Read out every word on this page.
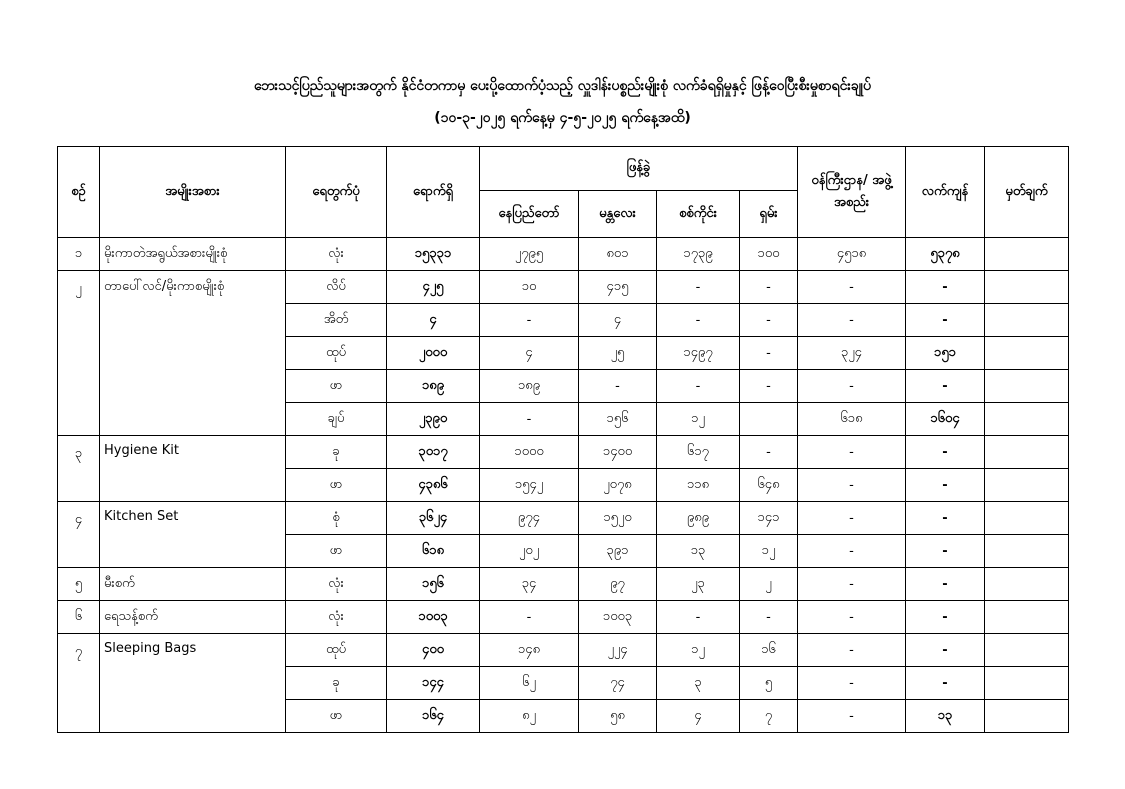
ဘေးသင့်ပြည်သူများအတွက် နိုင်ငံတကာမှ ပေးပို့ထောက်ပံ့သည့် လှူဒါန်းပစ္စည်းမျိုးစုံ လက်ခံရရှိမှုနှင့် ဖြန့်ဝေပြီးစီးမှုစာရင်းချုပ်
(၁၀-၃-၂၀၂၅ ရက်နေ့မှ ၄-၅-၂၀၂၅ ရက်နေ့အထိ)
စဉ်	အမျိုးအစား	ရေတွက်ပုံ	ရောက်ရှိ	ဖြန့်ခွဲ				ဝန်ကြီးဌာန/ အဖွဲ့အစည်း	လက်ကျန်	မှတ်ချက်
				နေပြည်တော်	မန္တလေး	စစ်ကိုင်း	ရှမ်း			
၁	မိုးကာတဲအရွယ်အစားမျိုးစုံ	လုံး	၁၅၃၃၁	၂၇၉၅	၈၀၁	၁၇၃၉	၁၀၀	၄၅၁၈	၅၃၇၈	
၂	တာပေါ်လင်/မိုးကာစမျိုးစုံ	လိပ်	၄၂၅	၁၀	၄၁၅	-	-	-	-	
		အိတ်	၄	-	၄	-	-	-	-	
		ထုပ်	၂၀၀၀	၄	၂၅	၁၄၉၇	-	၃၂၄	၁၅၁	
		ဖာ	၁၈၉	၁၈၉	-	-	-	-	-	
		ချပ်	၂၃၉၀	-	၁၅၆	၁၂		၆၁၈	၁၆၀၄	
၃	Hygiene Kit	ခု	၃၀၁၇	၁၀၀၀	၁၄၀၀	၆၁၇	-	-	-	
		ဖာ	၄၃၈၆	၁၅၄၂	၂၀၇၈	၁၁၈	၆၄၈	-	-	
၄	Kitchen Set	စုံ	၃၆၂၄	၉၇၄	၁၅၂၀	၉၈၉	၁၄၁	-	-	
		ဖာ	၆၁၈	၂၀၂	၃၉၁	၁၃	၁၂	-	-	
၅	မီးစက်	လုံး	၁၅၆	၃၄	၉၇	၂၃	၂	-	-	
၆	ရေသန့်စက်	လုံး	၁၀၀၃	-	၁၀၀၃	-	-	-	-	
၇	Sleeping Bags	ထုပ်	၄၀၀	၁၄၈	၂၂၄	၁၂	၁၆	-	-	
		ခု	၁၄၄	၆၂	၇၄	၃	၅	-	-	
		ဖာ	၁၆၄	၈၂	၅၈	၄	၇	-	၁၃	
